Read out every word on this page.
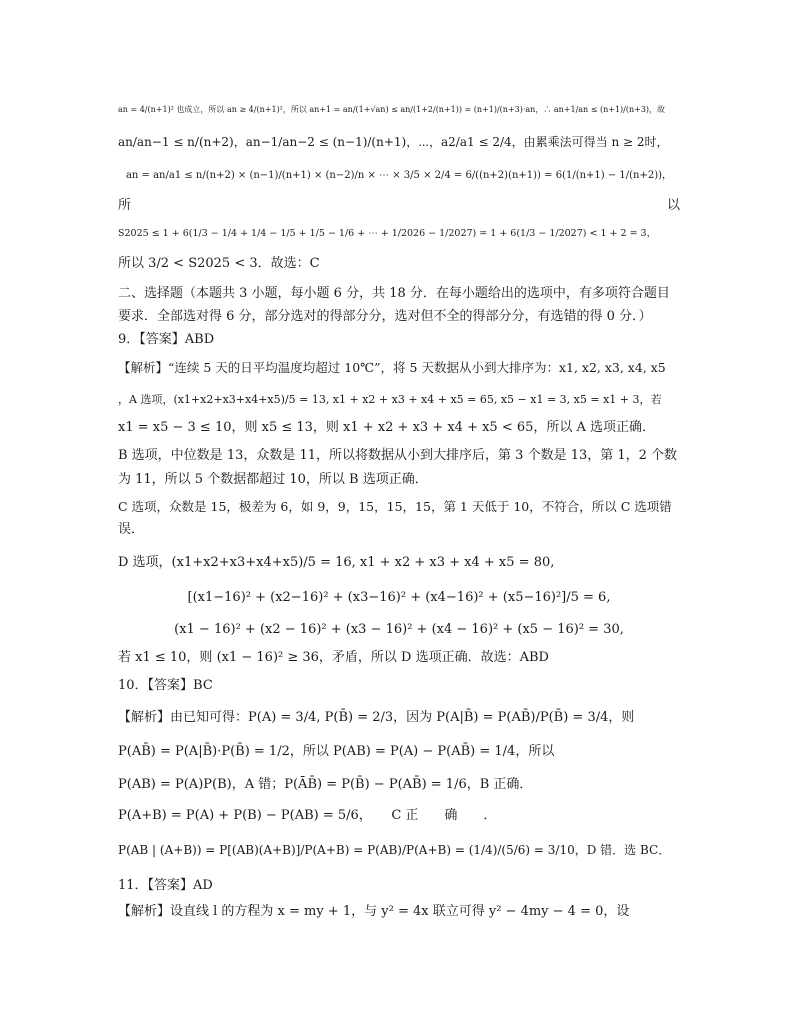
an = 4/(n+1)² 也成立，所以 an ≥ 4/(n+1)²，所以 an+1 = an/(1+√an) ≤ an/(1+2/(n+1)) = (n+1)/(n+3)·an，∴ an+1/an ≤ (n+1)/(n+3)，故
an/an−1 ≤ n/(n+2)，an−1/an−2 ≤ (n−1)/(n+1)，⋯，a2/a1 ≤ 2/4，由累乘法可得当 n ≥ 2时，
an = an/a1 ≤ n/(n+2) × (n−1)/(n+1) × (n−2)/n × ⋯ × 3/5 × 2/4 = 6/((n+2)(n+1)) = 6(1/(n+1) − 1/(n+2))，
所	以
S2025 ≤ 1 + 6(1/3 − 1/4 + 1/4 − 1/5 + 1/5 − 1/6 + ⋯ + 1/2026 − 1/2027) = 1 + 6(1/3 − 1/2027) < 1 + 2 = 3，
所以 3/2 < S2025 < 3．故选：C
二、选择题（本题共 3 小题，每小题 6 分，共 18 分．在每小题给出的选项中，有多项符合题目
要求．全部选对得 6 分，部分选对的得部分分，选对但不全的得部分分，有选错的得 0 分．）
9．【答案】ABD
【解析】“连续 5 天的日平均温度均超过 10℃”，将 5 天数据从小到大排序为：x1, x2, x3, x4, x5
，A 选项，(x1+x2+x3+x4+x5)/5 = 13, x1 + x2 + x3 + x4 + x5 = 65, x5 − x1 = 3, x5 = x1 + 3，若
x1 = x5 − 3 ≤ 10，则 x5 ≤ 13，则 x1 + x2 + x3 + x4 + x5 < 65，所以 A 选项正确．
B 选项，中位数是 13，众数是 11，所以将数据从小到大排序后，第 3 个数是 13，第 1，2 个数
为 11，所以 5 个数据都超过 10，所以 B 选项正确．
C 选项，众数是 15，极差为 6，如 9，9，15，15，15，第 1 天低于 10，不符合，所以 C 选项错
误．
D 选项，(x1+x2+x3+x4+x5)/5 = 16, x1 + x2 + x3 + x4 + x5 = 80,
[(x1−16)² + (x2−16)² + (x3−16)² + (x4−16)² + (x5−16)²]/5 = 6,
(x1 − 16)² + (x2 − 16)² + (x3 − 16)² + (x4 − 16)² + (x5 − 16)² = 30,
若 x1 ≤ 10，则 (x1 − 16)² ≥ 36，矛盾，所以 D 选项正确．故选：ABD
10．【答案】BC
【解析】由已知可得：P(A) = 3/4, P(B̄) = 2/3，因为 P(A|B̄) = P(AB̄)/P(B̄) = 3/4，则
P(AB̄) = P(A|B̄)·P(B̄) = 1/2，所以 P(AB) = P(A) − P(AB̄) = 1/4，所以
P(AB) = P(A)P(B)，A 错；P(ĀB̄) = P(B̄) − P(AB̄) = 1/6，B 正确．
P(A+B) = P(A) + P(B) − P(AB) = 5/6，　　C 正　　确　　．
P(AB | (A+B)) = P[(AB)(A+B)]/P(A+B) = P(AB)/P(A+B) = (1/4)/(5/6) = 3/10，D 错．选 BC．
11．【答案】AD
【解析】设直线 l 的方程为 x = my + 1，与 y² = 4x 联立可得 y² − 4my − 4 = 0，设
